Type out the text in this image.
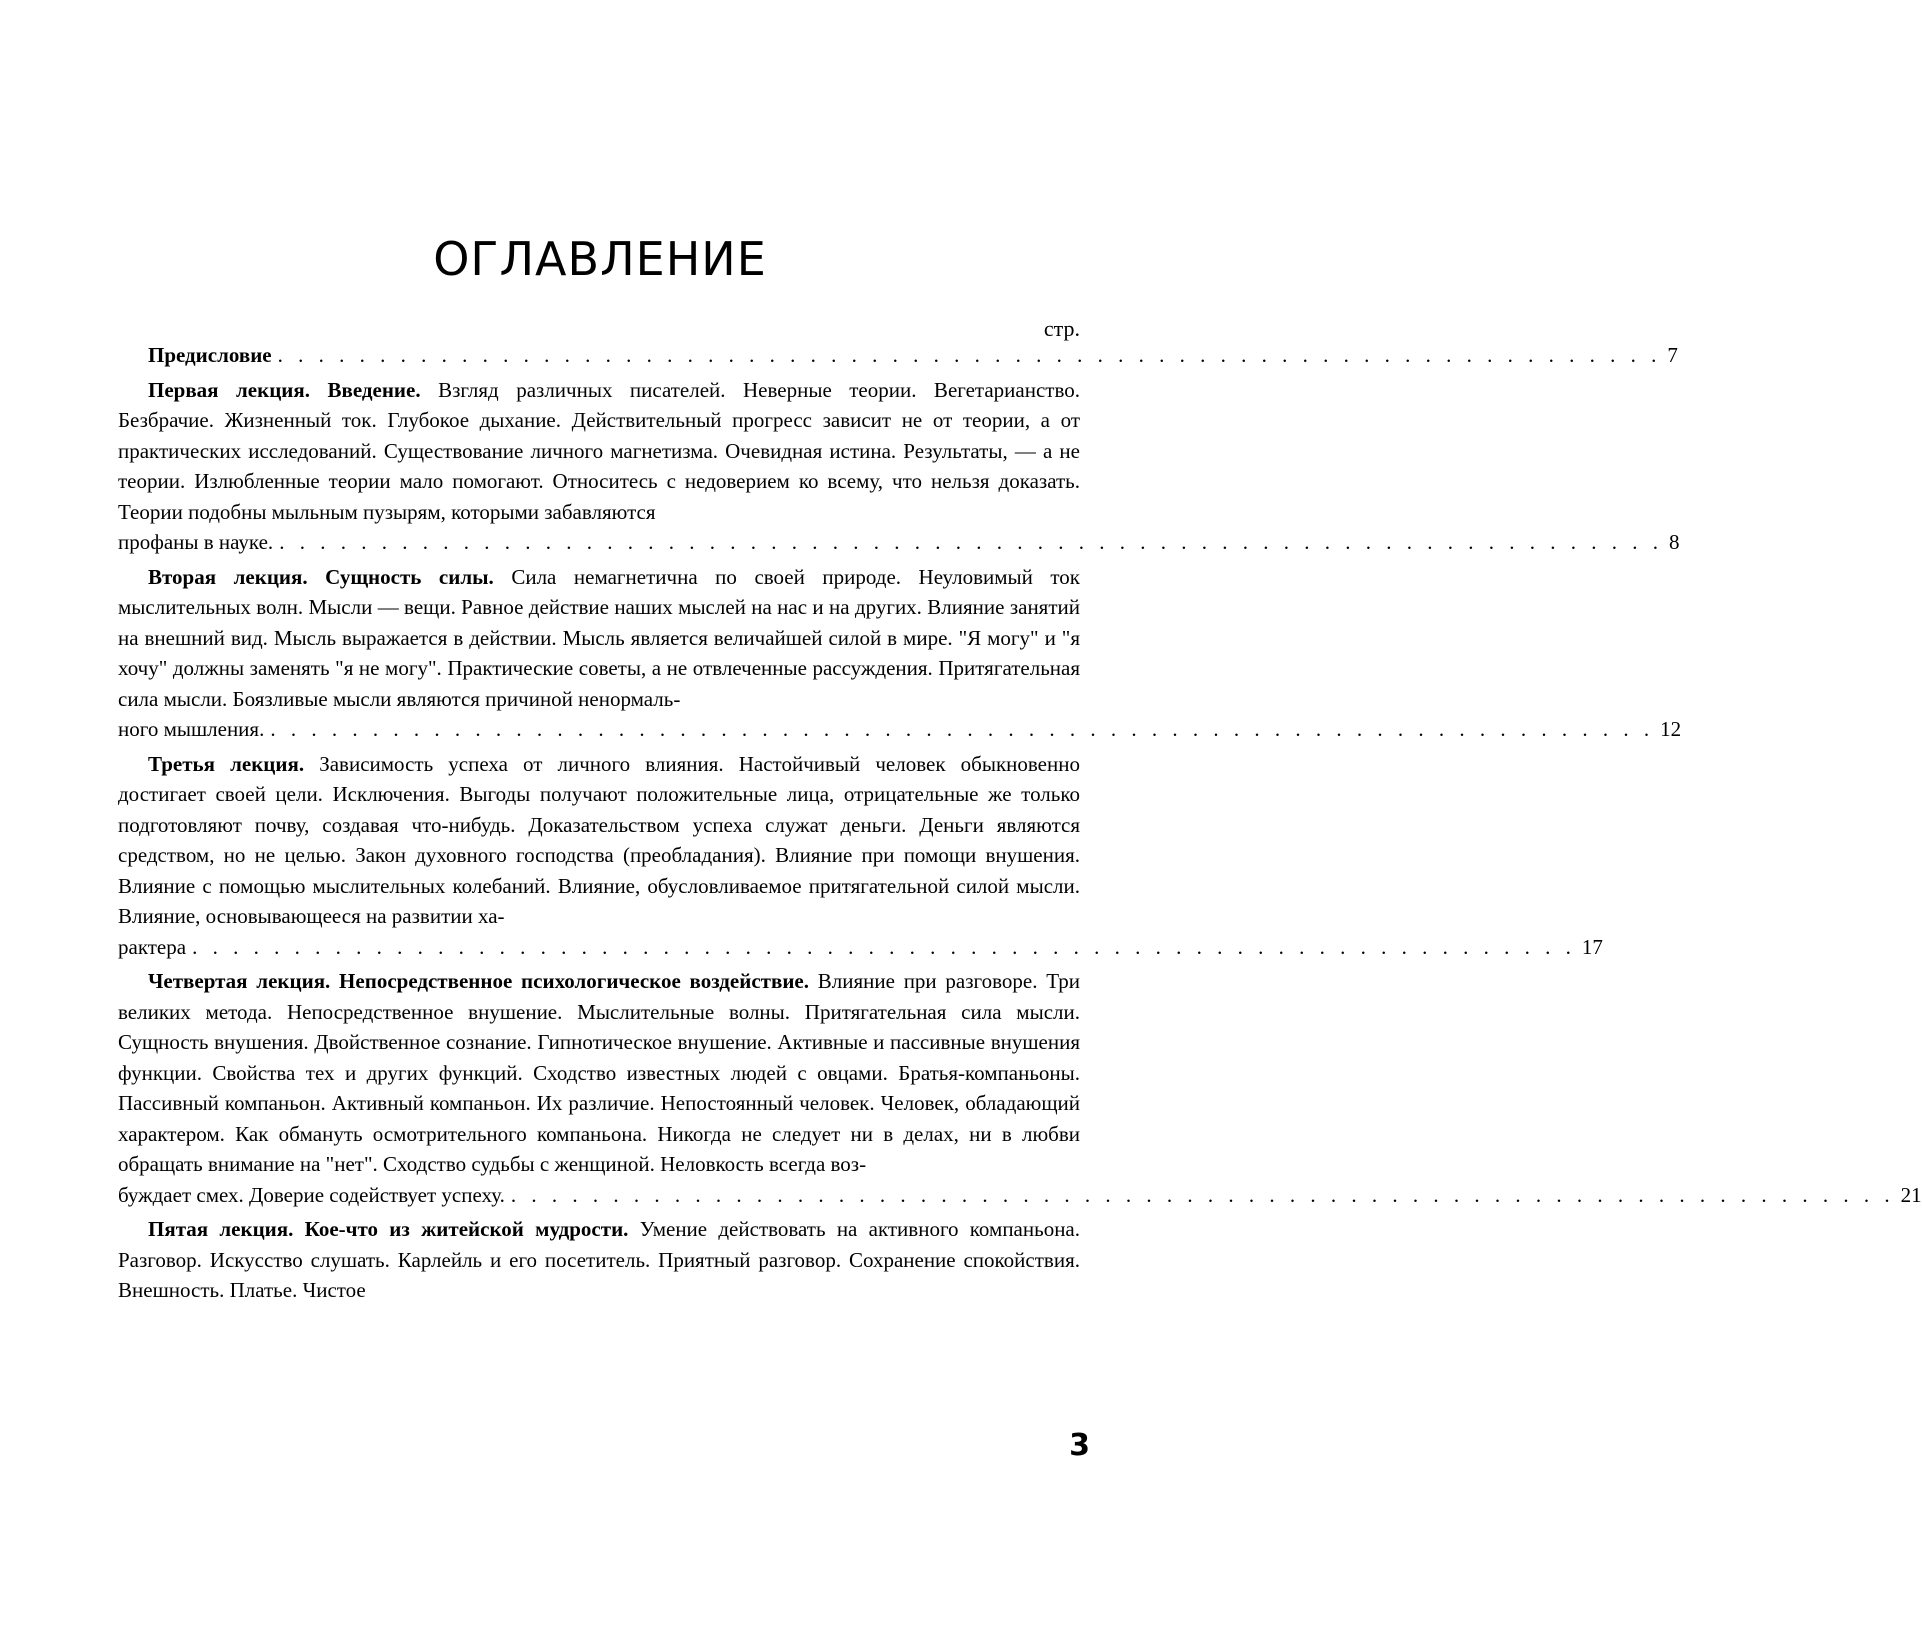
ОГЛАВЛЕНИЕ
стр.
Предисловие . . . . . . . . . . . . . . . . . . . . . . . . . . . . . . . . . . . . . . . . . . . . . . . . . . . . . . . . . . . . . . . . . . . . 7

Первая лекция. Введение. Взгляд различных писателей. Неверные теории. Вегетарианство. Безбрачие. Жизненный ток. Глубокое дыхание. Действительный прогресс зависит не от теории, а от практических исследований. Существование личного магнетизма. Очевидная истина. Результаты, — а не теории. Излюбленные теории мало помогают. Относитесь с недоверием ко всему, что нельзя доказать. Теории подобны мыльным пузырям, которыми забавляются

профаны в науке. . . . . . . . . . . . . . . . . . . . . . . . . . . . . . . . . . . . . . . . . . . . . . . . . . . . . . . . . . . . . . . . . . . . . 8

Вторая лекция. Сущность силы. Сила немагнетична по своей природе. Неуловимый ток мыслительных волн. Мысли — вещи. Равное действие наших мыслей на нас и на других. Влияние занятий на внешний вид. Мысль выражается в действии. Мысль является величайшей силой в мире. "Я могу" и "я хочу" должны заменять "я не могу". Практические советы, а не отвлеченные рассуждения. Притягательная сила мысли. Боязливые мысли являются причиной ненормаль-

ного мышления. . . . . . . . . . . . . . . . . . . . . . . . . . . . . . . . . . . . . . . . . . . . . . . . . . . . . . . . . . . . . . . . . . . . . 12

Третья лекция. Зависимость успеха от личного влияния. Настойчивый человек обыкновенно достигает своей цели. Исключения. Выгоды получают положительные лица, отрицательные же только подготовляют почву, создавая что-нибудь. Доказательством успеха служат деньги. Деньги являются средством, но не целью. Закон духовного господства (преобладания). Влияние при помощи внушения. Влияние с помощью мыслительных колебаний. Влияние, обусловливаемое притягательной силой мысли. Влияние, основывающееся на развитии ха-

рактера . . . . . . . . . . . . . . . . . . . . . . . . . . . . . . . . . . . . . . . . . . . . . . . . . . . . . . . . . . . . . . . . . . . . 17

Четвертая лекция. Непосредственное психологическое воздействие. Влияние при разговоре. Три великих метода. Непосредственное внушение. Мыслительные волны. Притягательная сила мысли. Сущность внушения. Двойственное сознание. Гипнотическое внушение. Активные и пассивные внушения функции. Свойства тех и других функций. Сходство известных людей с овцами. Братья-компаньоны. Пассивный компаньон. Активный компаньон. Их различие. Непостоянный человек. Человек, обладающий характером. Как обмануть осмотрительного компаньона. Никогда не следует ни в делах, ни в любви обращать внимание на "нет". Сходство судьбы с женщиной. Неловкость всегда воз-

буждает смех. Доверие содействует успеху. . . . . . . . . . . . . . . . . . . . . . . . . . . . . . . . . . . . . . . . . . . . . . . . . . . . . . . . . . . . . . . . . . . . . 21

Пятая лекция. Кое-что из житейской мудрости. Умение действовать на активного компаньона. Разговор. Искусство слушать. Карлейль и его посетитель. Приятный разговор. Сохранение спокойствия. Внешность. Платье. Чистое

3
